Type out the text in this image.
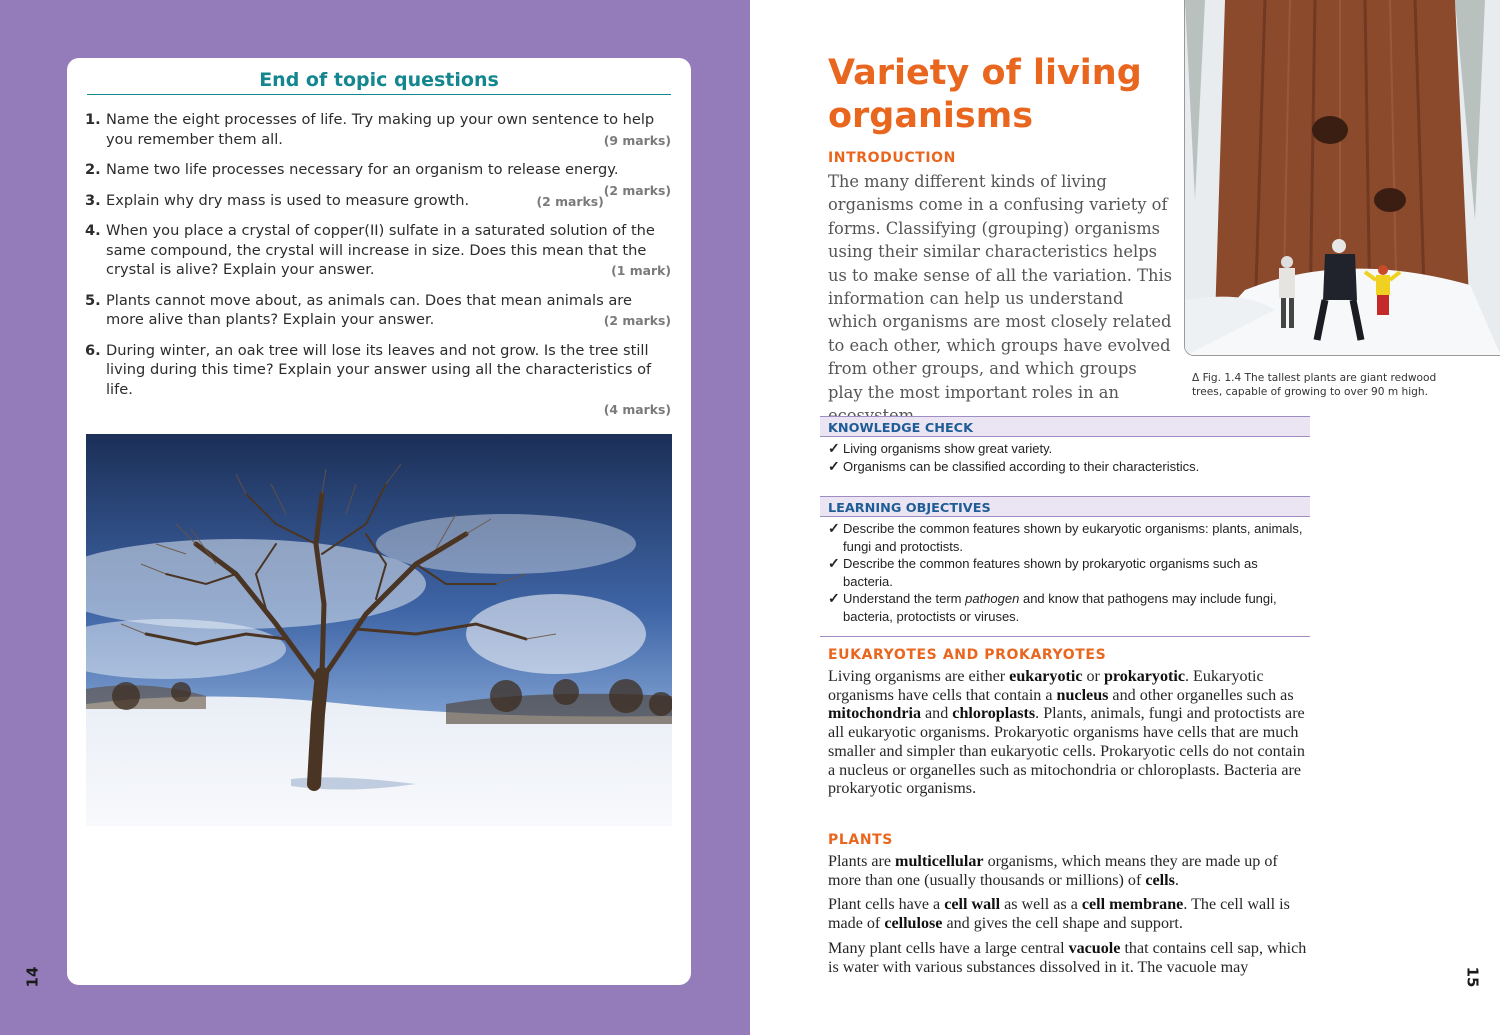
End of topic questions
1. Name the eight processes of life. Try making up your own sentence to help you remember them all.	(9 marks)
2. Name two life processes necessary for an organism to release energy.
(2 marks)
3. Explain why dry mass is used to measure growth.	(2 marks)
4. When you place a crystal of copper(II) sulfate in a saturated solution of the same compound, the crystal will increase in size. Does this mean that the crystal is alive? Explain your answer.	(1 mark)
5. Plants cannot move about, as animals can. Does that mean animals are more alive than plants? Explain your answer.	(2 marks)
6. During winter, an oak tree will lose its leaves and not grow. Is the tree still living during this time? Explain your answer using all the characteristics of life.
(4 marks)
14
Variety of living organisms
INTRODUCTION
The many different kinds of living organisms come in a confusing variety of forms. Classifying (grouping) organisms using their similar characteristics helps us to make sense of all the variation. This information can help us understand which organisms are most closely related to each other, which groups have evolved from other groups, and which groups play the most important roles in an
Δ Fig. 1.4 The tallest plants are giant redwood trees, capable of growing to over 90 m high.
KNOWLEDGE CHECK
✓ Living organisms show great variety.
✓ Organisms can be classified according to their characteristics.
LEARNING OBJECTIVES
✓ Describe the common features shown by eukaryotic organisms: plants, animals, fungi and protoctists.
✓ Describe the common features shown by prokaryotic organisms such as bacteria.
✓ Understand the term pathogen and know that pathogens may include fungi, bacteria, protoctists or viruses.
EUKARYOTES AND PROKARYOTES

Living organisms are either eukaryotic or prokaryotic. Eukaryotic organisms have cells that contain a nucleus and other organelles such as mitochondria and chloroplasts. Plants, animals, fungi and protoctists are all eukaryotic organisms. Prokaryotic organisms have cells that are much smaller and simpler than eukaryotic cells. Prokaryotic cells do not contain a nucleus or organelles such as mitochondria or chloroplasts. Bacteria are prokaryotic organisms.

PLANTS

Plants are multicellular organisms, which means they are made up of more than one (usually thousands or millions) of cells.

Plant cells have a cell wall as well as a cell membrane. The cell wall is made of cellulose and gives the cell shape and support.

Many plant cells have a large central vacuole that contains cell sap, which is water with various substances dissolved in it. The vacuole may	15
